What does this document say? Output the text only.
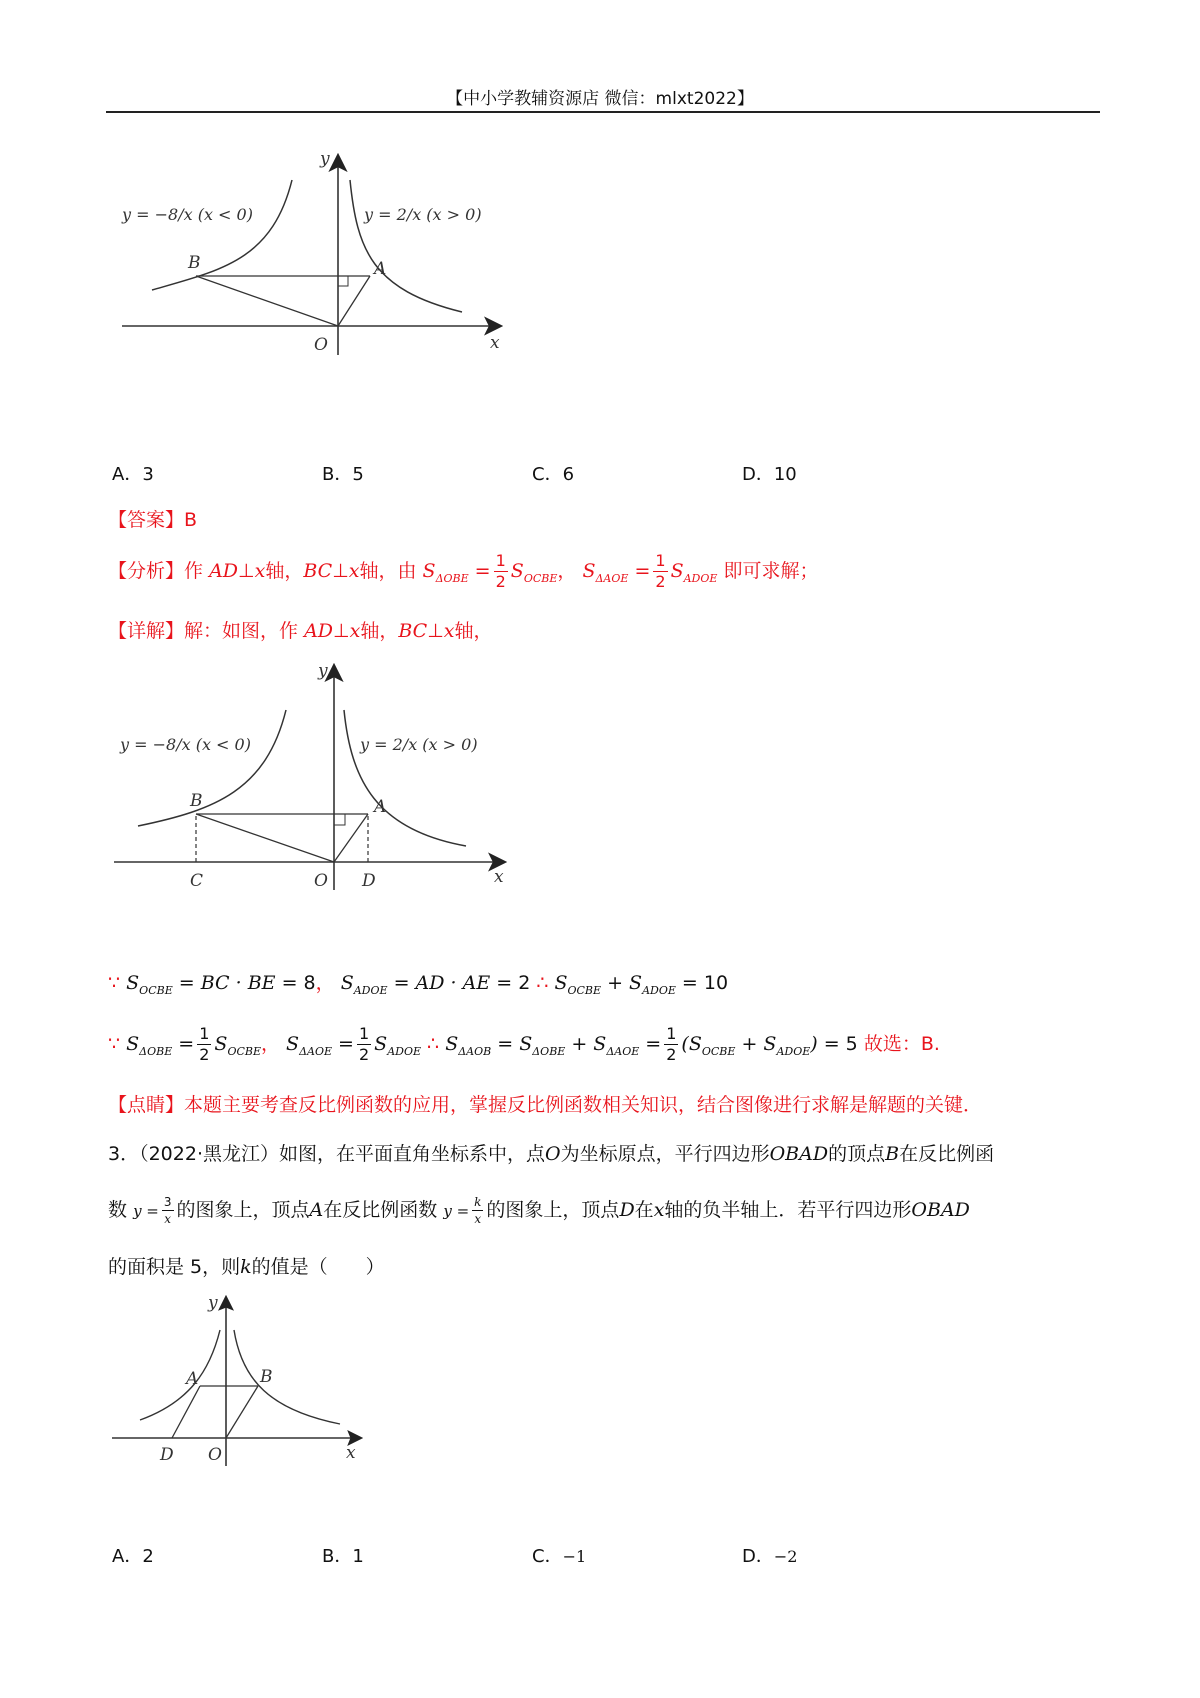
【中小学教辅资源店 微信：mlxt2022】
y = −8/x (x < 0)	y = 2/x (x > 0)
B	A
O	x
y
A．3	B．5	C．6	D．10
【答案】B
【分析】作 AD⊥x轴，BC⊥x轴，由 $S_{\Delta OBE} = \frac{1}{2} S_{OCBE}$， $S_{\Delta AOE} = \frac{1}{2} S_{ADOE}$ 即可求解；
【详解】解：如图，作 AD⊥x轴，BC⊥x轴，
y = −8/x (x < 0)	y = 2/x (x > 0)
B	A
C	O D	x
y
∵ $S_{OCBE}$ = BC · BE = 8， $S_{ADOE}$ = AD · AE = 2 ∴ $S_{OCBE} + S_{ADOE} = 10$
∵ $S_{\Delta OBE} = \frac{1}{2} S_{OCBE}$， $S_{\Delta AOE} = \frac{1}{2} S_{ADOE}$ ∴ $S_{\Delta AOB} = S_{\Delta OBE} + S_{\Delta AOE} = \frac{1}{2} (S_{OCBE} + S_{ADOE}) = 5$ 故选：B.
【点睛】本题主要考查反比例函数的应用，掌握反比例函数相关知识，结合图像进行求解是解题的关键．
3．（2022·黑龙江）如图，在平面直角坐标系中，点O为坐标原点，平行四边形OBAD的顶点B在反比例函
数 $y = \frac{3}{x}$ 的图象上，顶点A在反比例函数 $y = \frac{k}{x}$ 的图象上，顶点D在x轴的负半轴上．若平行四边形OBAD
的面积是 5，则k的值是（　　）
A	B
D O	x
y
A．2	B．1	C．−1	D．−2
